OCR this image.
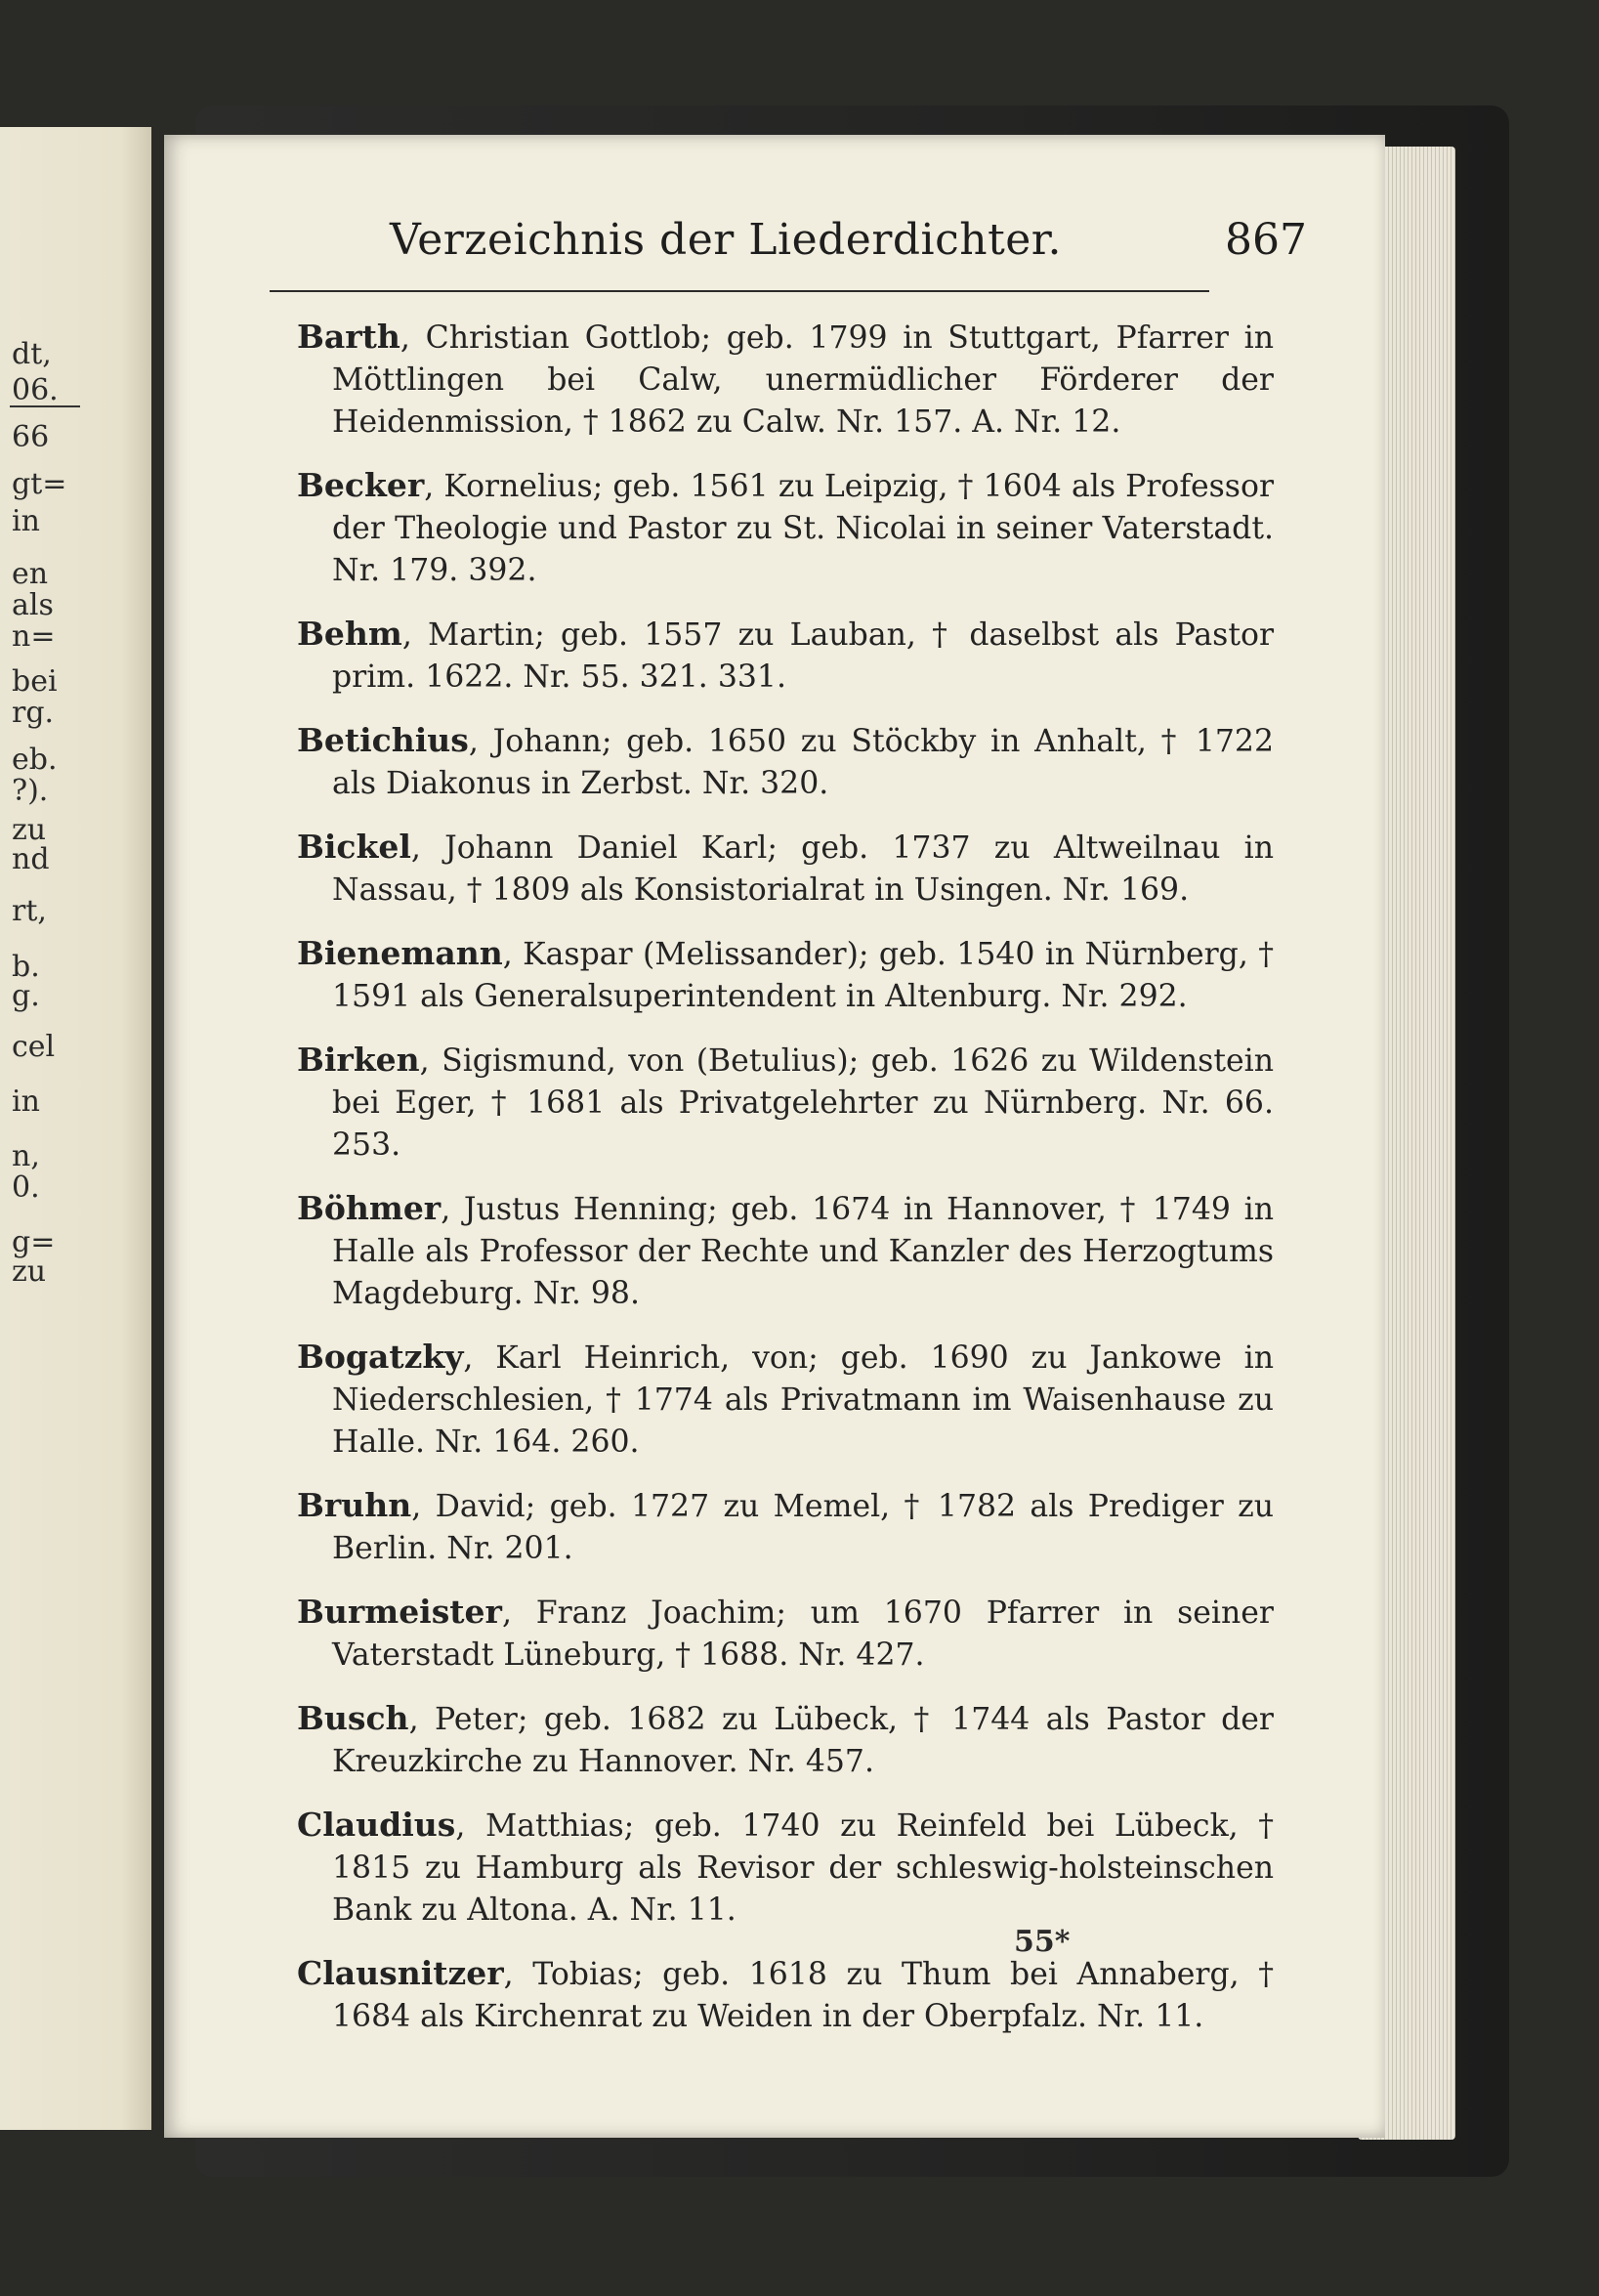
dt,
06.
66
gt=
in
en
als
n=
bei
rg.
eb.
?).
zu
nd
rt,
b.
g.
cel
in
n,
0.
g=
zu
Verzeichnis der Liederdichter.	867
Barth, Christian Gottlob; geb. 1799 in Stuttgart, Pfarrer in Möttlingen bei Calw, unermüdlicher Förderer der Heidenmission, † 1862 zu Calw. Nr. 157. A. Nr. 12.
Becker, Kornelius; geb. 1561 zu Leipzig, † 1604 als Professor der Theologie und Pastor zu St. Nicolai in seiner Vaterstadt. Nr. 179. 392.
Behm, Martin; geb. 1557 zu Lauban, † daselbst als Pastor prim. 1622. Nr. 55. 321. 331.
Betichius, Johann; geb. 1650 zu Stöckby in Anhalt, † 1722 als Diakonus in Zerbst. Nr. 320.
Bickel, Johann Daniel Karl; geb. 1737 zu Altweilnau in Nassau, † 1809 als Konsistorialrat in Usingen. Nr. 169.
Bienemann, Kaspar (Melissander); geb. 1540 in Nürnberg, † 1591 als Generalsuperintendent in Altenburg. Nr. 292.
Birken, Sigismund, von (Betulius); geb. 1626 zu Wildenstein bei Eger, † 1681 als Privatgelehrter zu Nürnberg. Nr. 66. 253.
Böhmer, Justus Henning; geb. 1674 in Hannover, † 1749 in Halle als Professor der Rechte und Kanzler des Herzogtums Magdeburg. Nr. 98.
Bogatzky, Karl Heinrich, von; geb. 1690 zu Jankowe in Niederschlesien, † 1774 als Privatmann im Waisenhause zu Halle. Nr. 164. 260.
Bruhn, David; geb. 1727 zu Memel, † 1782 als Prediger zu Berlin. Nr. 201.
Burmeister, Franz Joachim; um 1670 Pfarrer in seiner Vaterstadt Lüneburg, † 1688. Nr. 427.
Busch, Peter; geb. 1682 zu Lübeck, † 1744 als Pastor der Kreuzkirche zu Hannover. Nr. 457.
Claudius, Matthias; geb. 1740 zu Reinfeld bei Lübeck, † 1815 zu Hamburg als Revisor der schleswig-holsteinschen Bank zu Altona. A. Nr. 11.
Clausnitzer, Tobias; geb. 1618 zu Thum bei Annaberg, † 1684 als Kirchenrat zu Weiden in der Oberpfalz. Nr. 11.
55*
